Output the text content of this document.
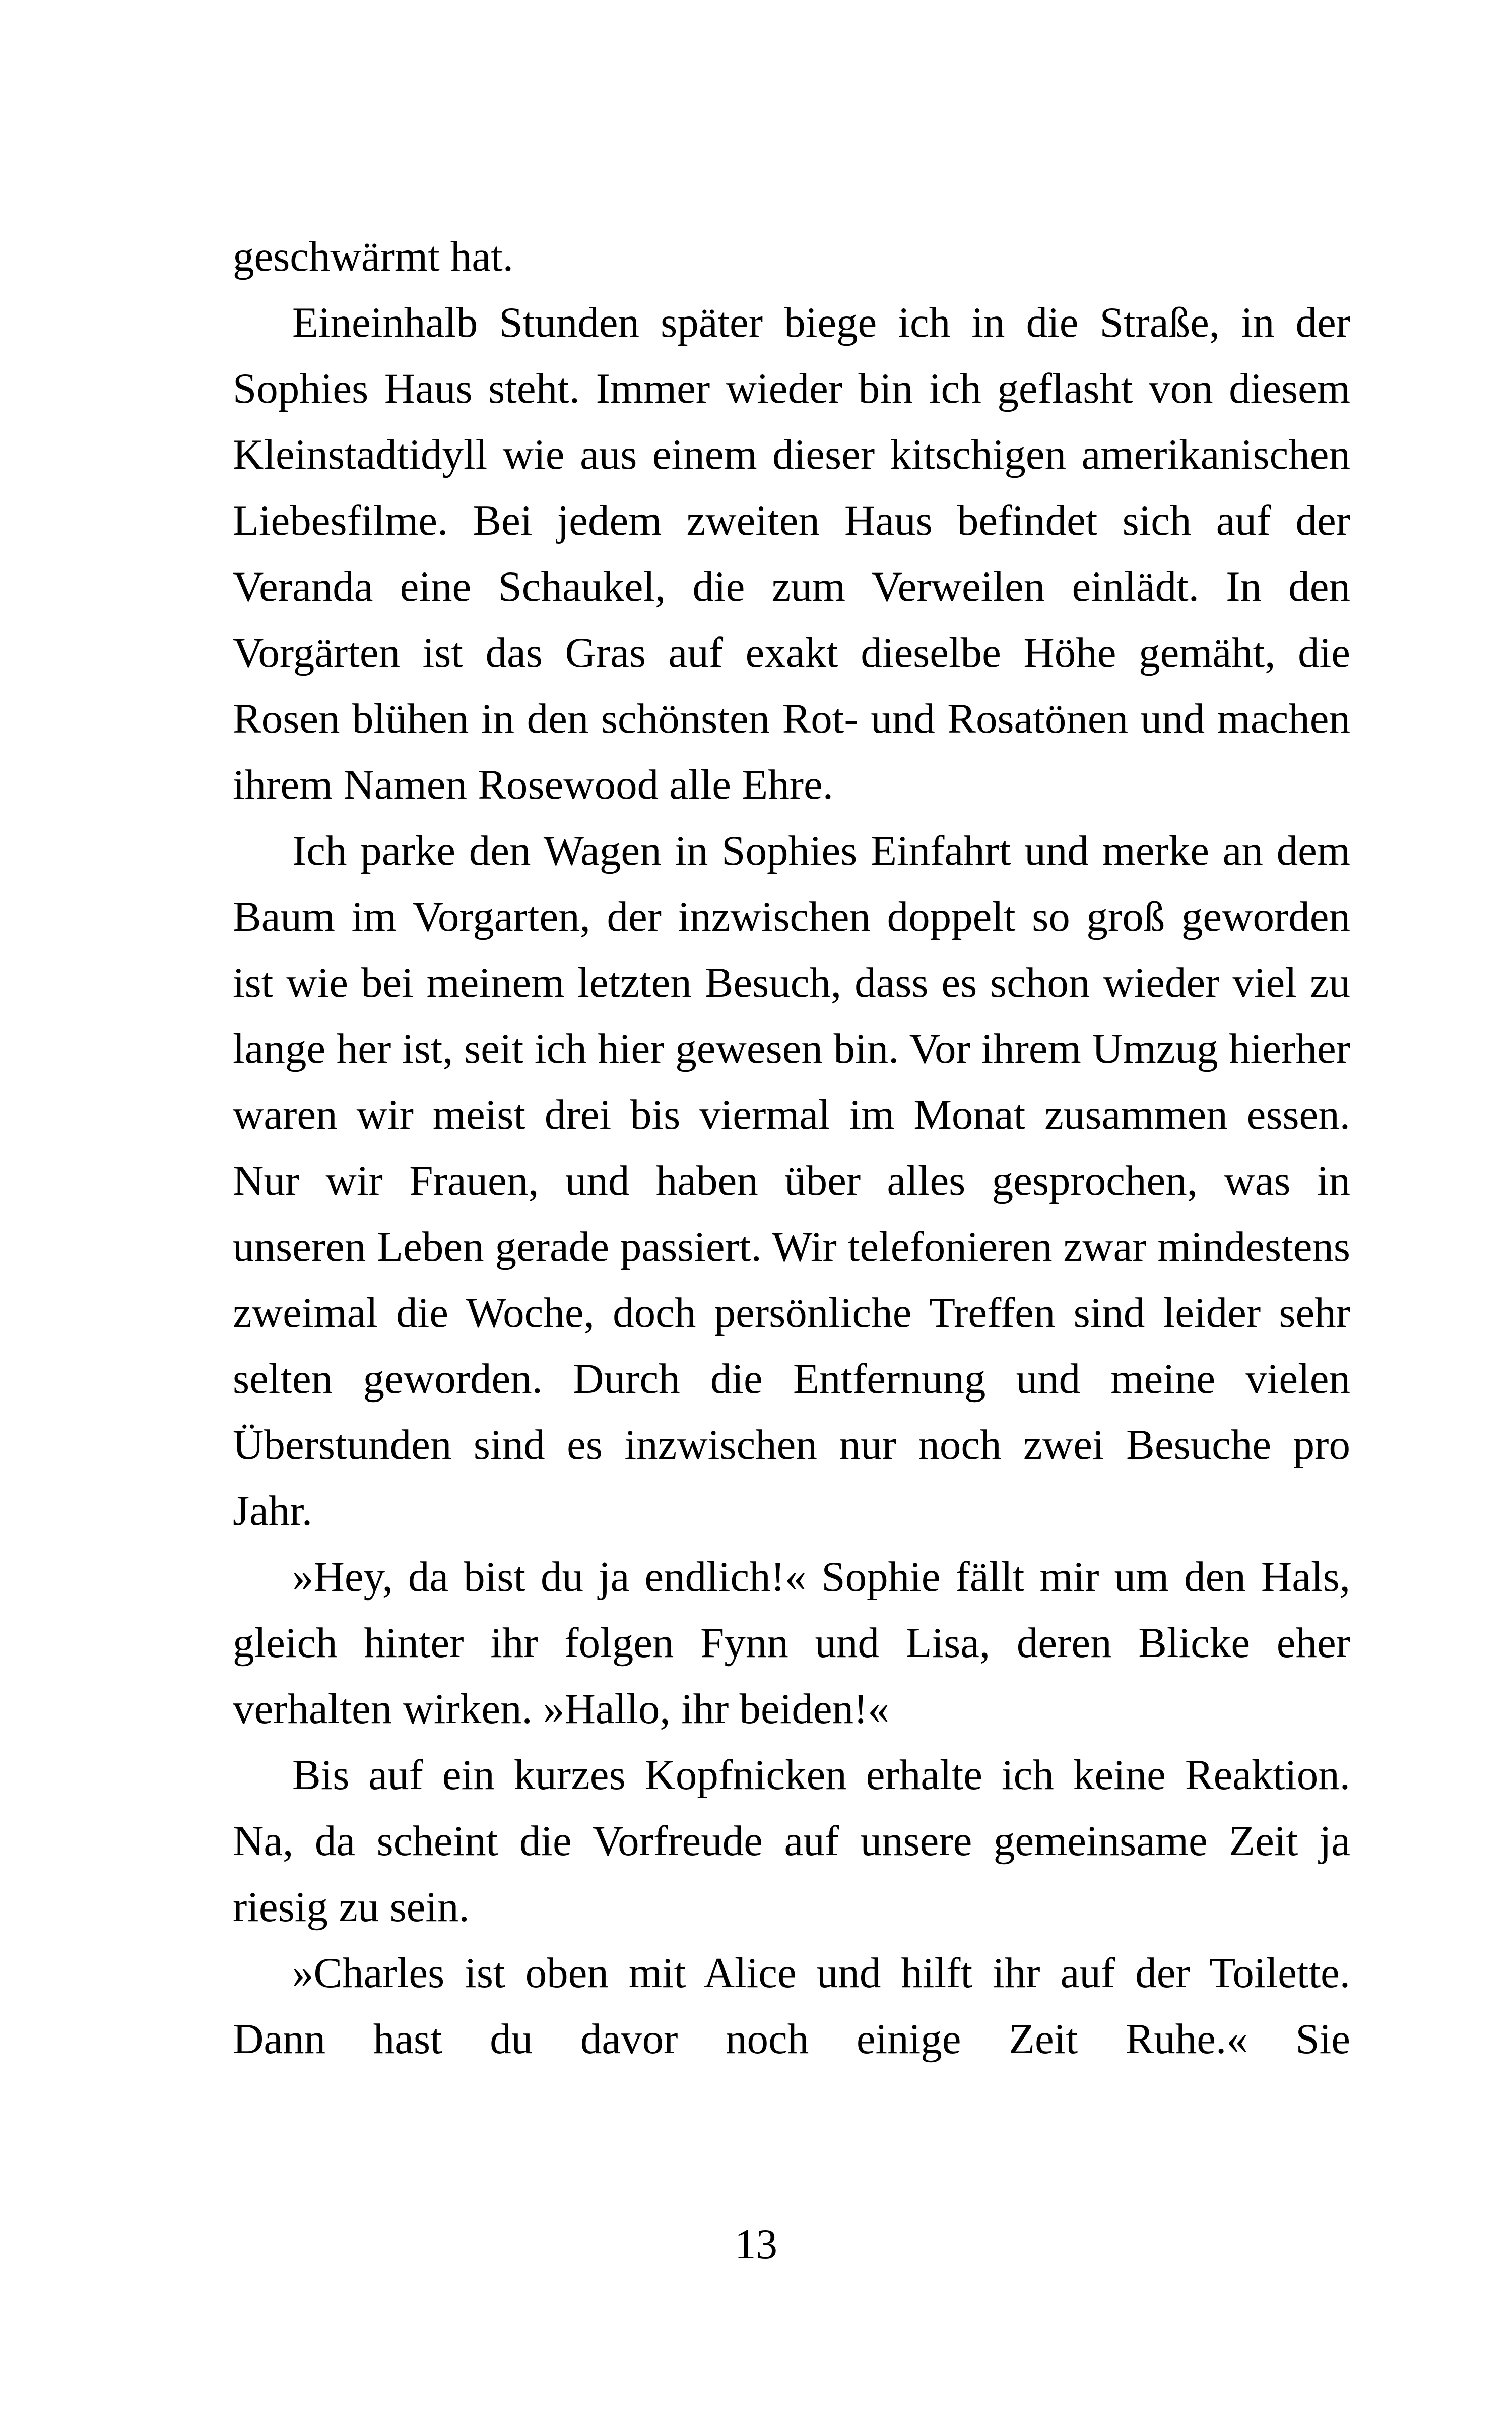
geschwärmt hat.

Eineinhalb Stunden später biege ich in die Straße, in der Sophies Haus steht. Immer wieder bin ich geflasht von diesem Kleinstadtidyll wie aus einem dieser kitschigen amerikanischen Liebesfilme. Bei jedem zweiten Haus befindet sich auf der Veranda eine Schaukel, die zum Verweilen einlädt. In den Vorgärten ist das Gras auf exakt dieselbe Höhe gemäht, die Rosen blühen in den schönsten Rot- und Rosatönen und machen ihrem Namen Rosewood alle Ehre.

Ich parke den Wagen in Sophies Einfahrt und merke an dem Baum im Vorgarten, der inzwischen doppelt so groß geworden ist wie bei meinem letzten Besuch, dass es schon wieder viel zu lange her ist, seit ich hier gewesen bin. Vor ihrem Umzug hierher waren wir meist drei bis viermal im Monat zusammen essen. Nur wir Frauen, und haben über alles gesprochen, was in unseren Leben gerade passiert. Wir telefonieren zwar mindestens zweimal die Woche, doch persönliche Treffen sind leider sehr selten geworden. Durch die Entfernung und meine vielen Überstunden sind es inzwischen nur noch zwei Besuche pro Jahr.

»Hey, da bist du ja endlich!« Sophie fällt mir um den Hals, gleich hinter ihr folgen Fynn und Lisa, deren Blicke eher verhalten wirken. »Hallo, ihr beiden!«

Bis auf ein kurzes Kopfnicken erhalte ich keine Reaktion. Na, da scheint die Vorfreude auf unsere gemeinsame Zeit ja riesig zu sein.

»Charles ist oben mit Alice und hilft ihr auf der Toilette. Dann hast du davor noch einige Zeit Ruhe.« Sie

13
